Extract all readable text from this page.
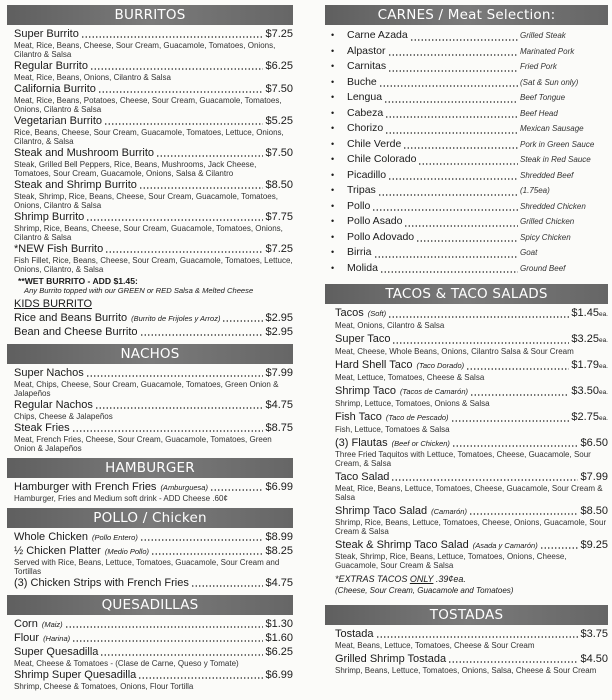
BURRITOS
Super Burrito	$7.25
Meat, Rice, Beans, Cheese, Sour Cream, Guacamole, Tomatoes, Onions, Cilantro & Salsa
Regular Burrito	$6.25
Meat, Rice, Beans, Onions, Cilantro & Salsa
California Burrito	$7.50
Meat, Rice, Beans, Potatoes, Cheese, Sour Cream, Guacamole, Tomatoes, Onions, Cilantro & Salsa
Vegetarian Burrito	$5.25
Rice, Beans, Cheese, Sour Cream, Guacamole, Tomatoes, Lettuce, Onions, Cilantro, & Salsa
Steak and Mushroom Burrito	$7.50
Steak, Grilled Bell Peppers, Rice, Beans, Mushrooms, Jack Cheese, Tomatoes, Sour Cream, Guacamole, Onions, Salsa & Cilantro
Steak and Shrimp Burrito	$8.50
Steak, Shrimp, Rice, Beans, Cheese, Sour Cream, Guacamole, Tomatoes, Onions, Cilantro & Salsa
Shrimp Burrito	$7.75
Shrimp, Rice, Beans, Cheese, Sour Cream, Guacamole, Tomatoes, Onions, Cilantro & Salsa
*NEW Fish Burrito	$7.25
Fish Fillet, Rice, Beans, Cheese, Sour Cream, Guacamole, Tomatoes, Lettuce, Onions, Cilantro, & Salsa
**WET BURRITO - ADD $1.45:
Any Burrito topped with our GREEN or RED Salsa & Melted Cheese
KIDS BURRITO
Rice and Beans Burrito (Burrito de Frijoles y Arroz)	$2.95
Bean and Cheese Burrito	$2.95
NACHOS
Super Nachos	$7.99
Meat, Chips, Cheese, Sour Cream, Guacamole, Tomatoes, Green Onion & Jalapeños
Regular Nachos	$4.75
Chips, Cheese & Jalapeños
Steak Fries	$8.75
Meat, French Fries, Cheese, Sour Cream, Guacamole, Tomatoes, Green Onion & Jalapeños
HAMBURGER
Hamburger with French Fries (Amburguesa)	$6.99
Hamburger, Fries and Medium soft drink - ADD Cheese .60¢
POLLO / Chicken
Whole Chicken (Pollo Entero)	$8.99
½ Chicken Platter (Medio Pollo)	$8.25
Served with Rice, Beans, Lettuce, Tomatoes, Guacamole, Sour Cream and Tortillas
(3) Chicken Strips with French Fries	$4.75
QUESADILLAS
Corn (Maiz)	$1.30
Flour (Harina)	$1.60
Super Quesadilla	$6.25
Meat, Cheese & Tomatoes - (Clase de Carne, Queso y Tomate)
Shrimp Super Quesadilla	$6.99
Shrimp, Cheese & Tomatoes, Onions, Flour Tortilla
CARNES / Meat Selection:
•	Carne Azada	Grilled Steak
•	Alpastor	Marinated Pork
•	Carnitas	Fried Pork
•	Buche	(Sat & Sun only)
•	Lengua	Beef Tongue
•	Cabeza	Beef Head
•	Chorizo	Mexican Sausage
•	Chile Verde	Pork in Green Sauce
•	Chile Colorado	Steak in Red Sauce
•	Picadillo	Shredded Beef
•	Tripas	(1.75ea)
•	Pollo	Shredded Chicken
•	Pollo Asado	Grilled Chicken
•	Pollo Adovado	Spicy Chicken
•	Birria	Goat
•	Molida	Ground Beef
TACOS & TACO SALADS
Tacos (Soft)	$1.45 ea.
Meat, Onions, Cilantro & Salsa
Super Taco	$3.25 ea.
Meat, Cheese, Whole Beans, Onions, Cilantro Salsa & Sour Cream
Hard Shell Taco (Taco Dorado)	$1.79 ea.
Meat, Lettuce, Tomatoes, Cheese & Salsa
Shrimp Taco (Tacos de Camarón)	$3.50 ea.
Shrimp, Lettuce, Tomatoes, Onions & Salsa
Fish Taco (Taco de Pescado)	$2.75 ea.
Fish, Lettuce, Tomatoes & Salsa
(3) Flautas (Beef or Chicken)	$6.50
Three Fried Taquitos with Lettuce, Tomatoes, Cheese, Guacamole, Sour Cream, & Salsa
Taco Salad	$7.99
Meat, Rice, Beans, Lettuce, Tomatoes, Cheese, Guacamole, Sour Cream & Salsa
Shrimp Taco Salad (Camarón)	$8.50
Shrimp, Rice, Beans, Lettuce, Tomatoes, Cheese, Onions, Guacamole, Sour Cream & Salsa
Steak & Shrimp Taco Salad (Asada y Camarón)	$9.25
Steak, Shrimp, Rice, Beans, Lettuce, Tomatoes, Onions, Cheese, Guacamole, Sour Cream & Salsa
*EXTRAS TACOS ONLY .39¢ea.
(Cheese, Sour Cream, Guacamole and Tomatoes)
TOSTADAS
Tostada	$3.75
Meat, Beans, Lettuce, Tomatoes, Cheese & Sour Cream
Grilled Shrimp Tostada	$4.50
Shrimp, Beans, Lettuce, Tomatoes, Onions, Salsa, Cheese & Sour Cream
